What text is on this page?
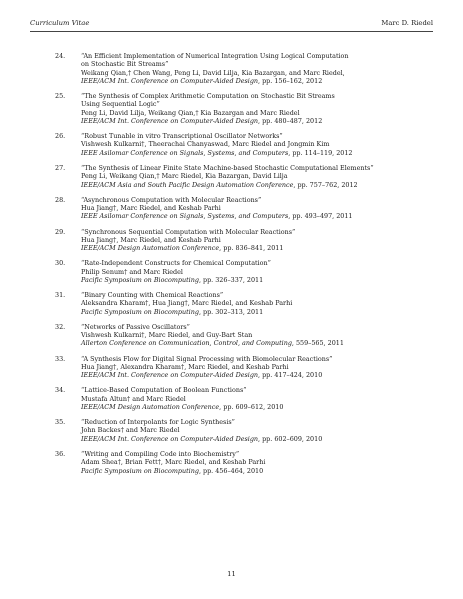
Curriculum Vitae	Marc D. Riedel
24. “An Efficient Implementation of Numerical Integration Using Logical Computation
on Stochastic Bit Streams”
Weikang Qian,† Chen Wang, Peng Li, David Lilja, Kia Bazargan, and Marc Riedel,
IEEE/ACM Int. Conference on Computer-Aided Design, pp. 156–162, 2012
25. “The Synthesis of Complex Arithmetic Computation on Stochastic Bit Streams
Using Sequential Logic”
Peng Li, David Lilja, Weikang Qian,† Kia Bazargan and Marc Riedel
IEEE/ACM Int. Conference on Computer-Aided Design, pp. 480–487, 2012
26. “Robust Tunable in vitro Transcriptional Oscillator Networks”
Vishwesh Kulkarni†, Theerachai Chanyaswad, Marc Riedel and Jongmin Kim
IEEE Asilomar Conference on Signals, Systems, and Computers, pp. 114–119, 2012
27. “The Synthesis of Linear Finite State Machine-based Stochastic Computational Elements”
Peng Li, Weikang Qian,† Marc Riedel, Kia Bazargan, David Lilja
IEEE/ACM Asia and South Pacific Design Automation Conference, pp. 757–762, 2012
28. “Asynchronous Computation with Molecular Reactions”
Hua Jiang†, Marc Riedel, and Keshab Parhi
IEEE Asilomar Conference on Signals, Systems, and Computers, pp. 493–497, 2011
29. “Synchronous Sequential Computation with Molecular Reactions”
Hua Jiang†, Marc Riedel, and Keshab Parhi
IEEE/ACM Design Automation Conference, pp. 836–841, 2011
30. “Rate-Independent Constructs for Chemical Computation”
Philip Senum† and Marc Riedel
Pacific Symposium on Biocomputing, pp. 326–337, 2011
31. “Binary Counting with Chemical Reactions”
Aleksandra Kharam†, Hua Jiang†, Marc Riedel, and Keshab Parhi
Pacific Symposium on Biocomputing, pp. 302–313, 2011
32. “Networks of Passive Oscillators”
Vishwesh Kulkarni†, Marc Riedel, and Guy-Bart Stan
Allerton Conference on Communication, Control, and Computing, 559–565, 2011
33. “A Synthesis Flow for Digital Signal Processing with Biomolecular Reactions”
Hua Jiang†, Alexandra Kharam†, Marc Riedel, and Keshab Parhi
IEEE/ACM Int. Conference on Computer-Aided Design, pp. 417–424, 2010
34. “Lattice-Based Computation of Boolean Functions”
Mustafa Altun† and Marc Riedel
IEEE/ACM Design Automation Conference, pp. 609–612, 2010
35. “Reduction of Interpolants for Logic Synthesis”
John Backes† and Marc Riedel
IEEE/ACM Int. Conference on Computer-Aided Design, pp. 602–609, 2010
36. “Writing and Compiling Code into Biochemistry”
Adam Shea†, Brian Fett†, Marc Riedel, and Keshab Parhi
Pacific Symposium on Biocomputing, pp. 456–464, 2010
11
